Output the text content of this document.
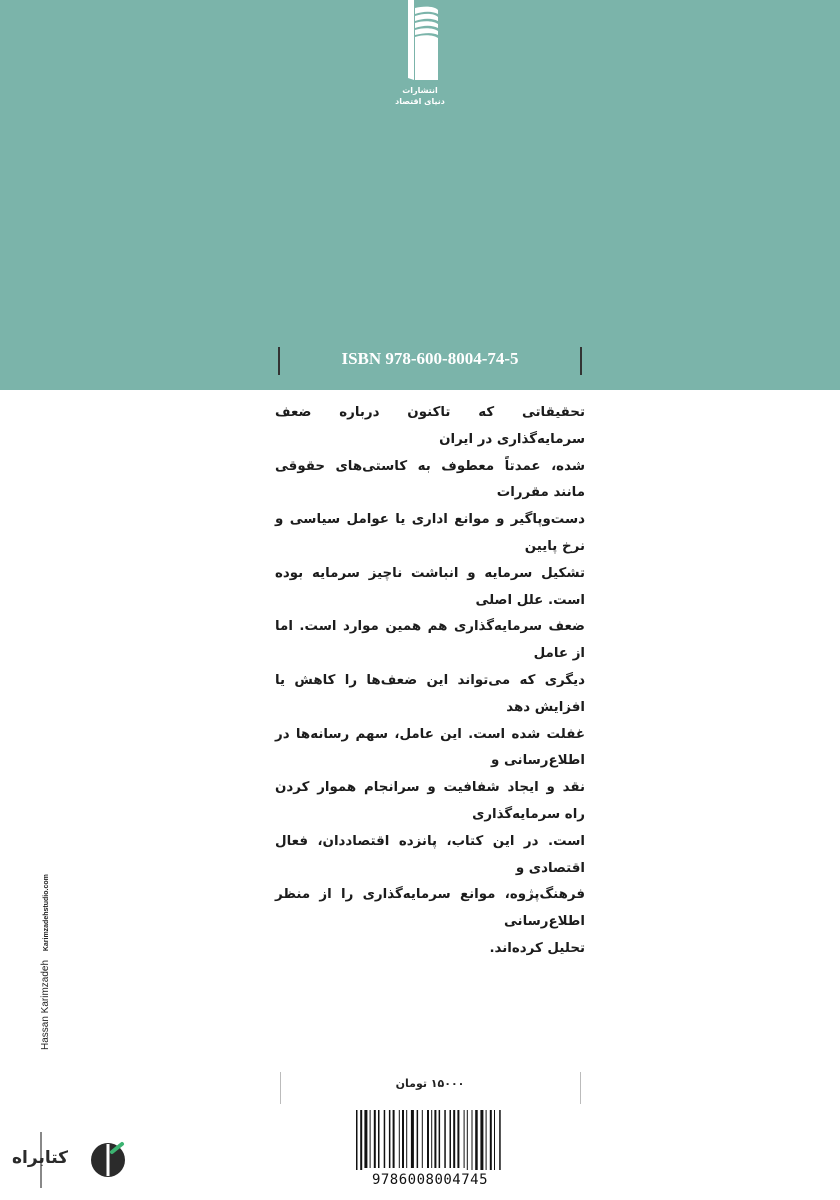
انتشارات
دنیای اقتصاد
ISBN 978-600-8004-74-5
تحقیقاتی که تاکنون درباره ضعف سرمایه‌گذاری در ایران
شده، عمدتاً معطوف به کاستی‌های حقوقی مانند مقررات
دست‌وپاگیر و موانع اداری یا عوامل سیاسی و نرخ پایین
تشکیل سرمایه و انباشت ناچیز سرمایه بوده است. علل اصلی
ضعف سرمایه‌گذاری هم همین موارد است. اما از عامل
دیگری که می‌تواند این ضعف‌ها را کاهش یا افزایش دهد
غفلت شده است. این عامل، سهم رسانه‌ها در اطلاع‌رسانی و
نقد و ایجاد شفافیت و سرانجام هموار کردن راه سرمایه‌گذاری
است. در این کتاب، پانزده اقتصاددان، فعال اقتصادی و
فرهنگ‌پژوه، موانع سرمایه‌گذاری را از منظر اطلاع‌رسانی
تحلیل کرده‌اند.
Hassan Karimzadeh Karimzadehstudio.com
۱۵۰۰۰ تومان
9786008004745
کتابراه
